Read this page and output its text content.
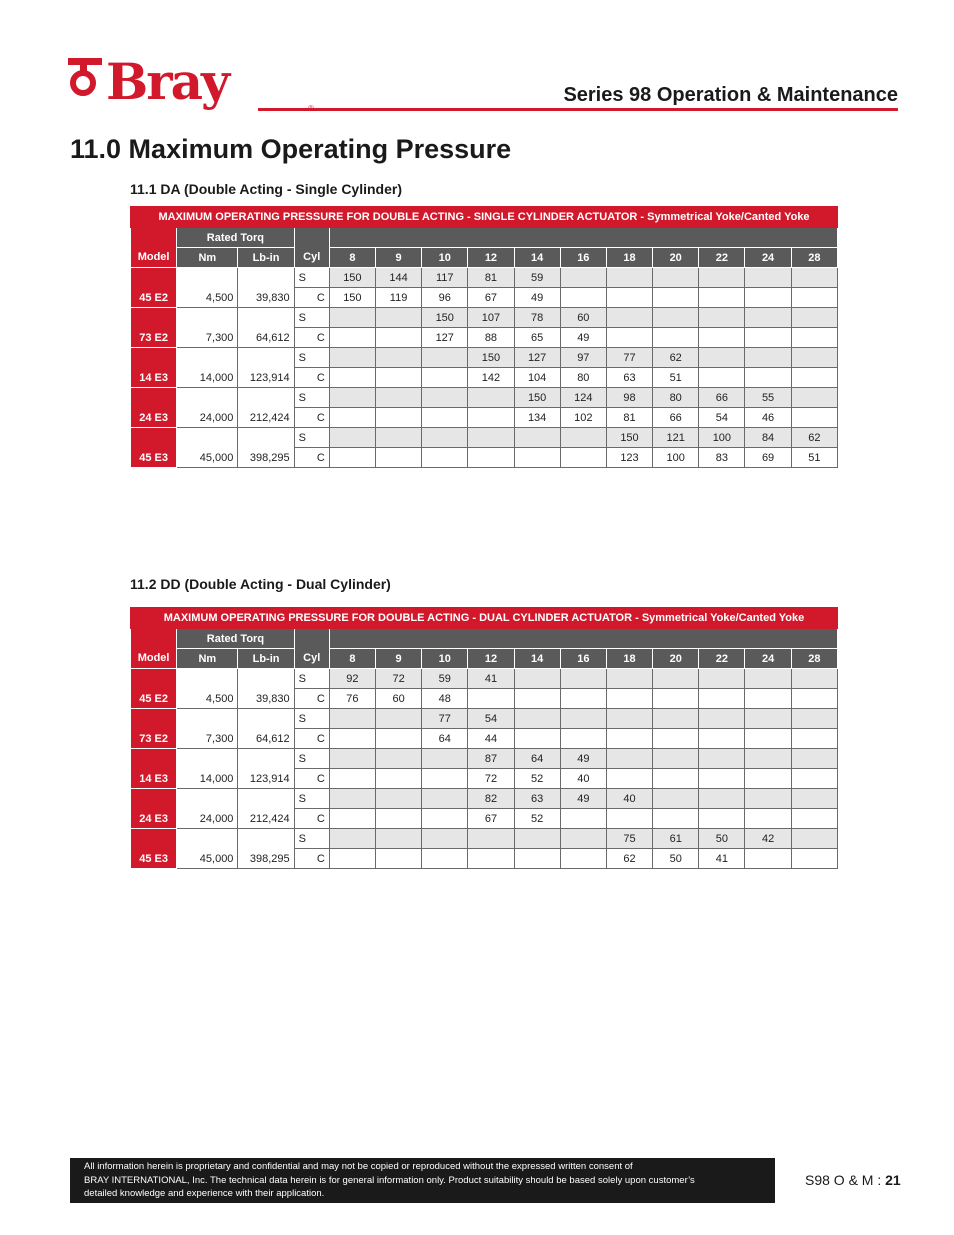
Bray	Series 98 Operation & Maintenance
11.0 Maximum Operating Pressure
11.1 DA (Double Acting - Single Cylinder)
MAXIMUM OPERATING PRESSURE FOR DOUBLE ACTING - SINGLE CYLINDER ACTUATOR - Symmetrical Yoke/Canted Yoke														
Model	Rated Torq		Cyl											
	Nm	Lb-in		8	9	10	12	14	16	18	20	22	24	28
45 E2	4,500	39,830	S	150	144	117	81	59						
			C	150	119	96	67	49						
73 E2	7,300	64,612	S			150	107	78	60					
			C			127	88	65	49					
14 E3	14,000	123,914	S				150	127	97	77	62			
			C				142	104	80	63	51			
24 E3	24,000	212,424	S					150	124	98	80	66	55	
			C					134	102	81	66	54	46	
45 E3	45,000	398,295	S							150	121	100	84	62
			C							123	100	83	69	51
11.2 DD (Double Acting - Dual Cylinder)
MAXIMUM OPERATING PRESSURE FOR DOUBLE ACTING - DUAL CYLINDER ACTUATOR - Symmetrical Yoke/Canted Yoke														
Model	Rated Torq		Cyl											
	Nm	Lb-in		8	9	10	12	14	16	18	20	22	24	28
45 E2	4,500	39,830	S	92	72	59	41							
			C	76	60	48								
73 E2	7,300	64,612	S			77	54							
			C			64	44							
14 E3	14,000	123,914	S				87	64	49					
			C				72	52	40					
24 E3	24,000	212,424	S				82	63	49	40				
			C				67	52						
45 E3	45,000	398,295	S							75	61	50	42	
			C							62	50	41		
All information herein is proprietary and confidential and may not be copied or reproduced without the expressed written consent of
BRAY INTERNATIONAL, Inc. The technical data herein is for general information only. Product suitability should be based solely upon customer’s
detailed knowledge and experience with their application.
S98 O & M : 21
